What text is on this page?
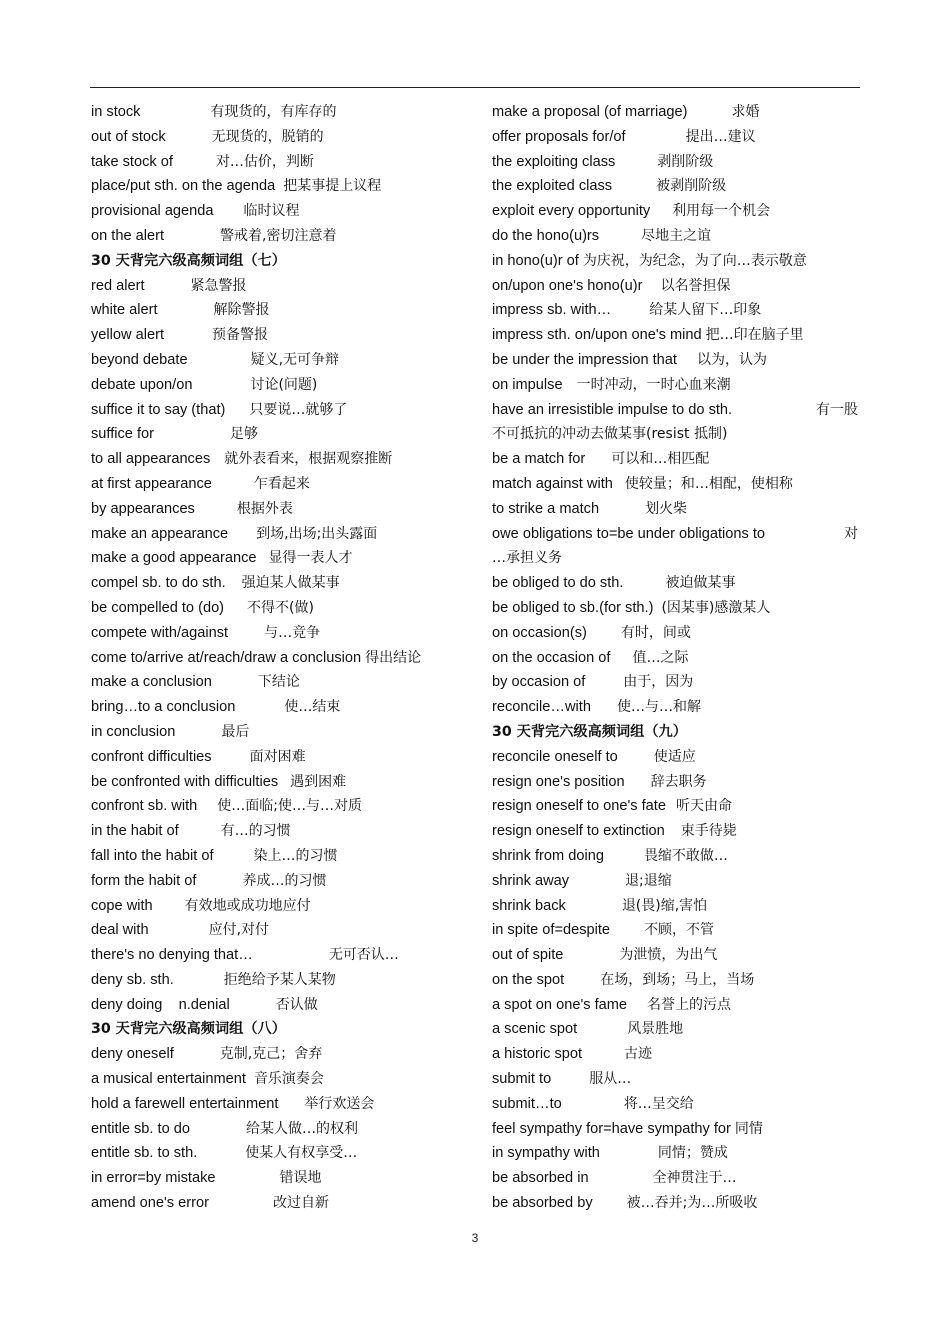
in stock	有现货的，有库存的
out of stock	无现货的，脱销的
take stock of	对…估价，判断
place/put sth. on the agenda 把某事提上议程
provisional agenda 临时议程
on the alert	警戒着,密切注意着
30 天背完六级高频词组（七）
red alert	紧急警报
white alert	解除警报
yellow alert	预备警报
beyond debate	疑义,无可争辩
debate upon/on	讨论(问题)
suffice it to say (that) 只要说…就够了
suffice for	足够
to all appearances 就外表看来，根据观察推断
at first appearance	乍看起来
by appearances	根据外表
make an appearance 到场,出场;出头露面
make a good appearance 显得一表人才
compel sb. to do sth. 强迫某人做某事
be compelled to (do) 不得不(做)
compete with/against	与…竞争
come to/arrive at/reach/draw a conclusion 得出结论
make a conclusion	下结论
bring…to a conclusion	使…结束
in conclusion	最后
confront difficulties	面对困难
be confronted with difficulties 遇到困难
confront sb. with 使…面临;使…与…对质
in the habit of	有…的习惯
fall into the habit of	染上…的习惯
form the habit of	养成…的习惯
cope with 有效地或成功地应付
deal with	应付,对付
there's no denying that…	无可否认…
deny sb. sth.	拒绝给予某人某物
deny doing    n.denial	否认做
30 天背完六级高频词组（八）
deny oneself	克制,克己；舍弃
a musical entertainment 音乐演奏会
hold a farewell entertainment 举行欢送会
entitle sb. to do	给某人做…的权利
entitle sb. to sth.	使某人有权享受…
in error=by mistake	错误地
amend one's error	改过自新
make a proposal (of marriage)	求婚
offer proposals for/of	提出…建议
the exploiting class	剥削阶级
the exploited class	被剥削阶级
exploit every opportunity 利用每一个机会
do the hono(u)rs	尽地主之谊
in hono(u)r of 为庆祝，为纪念，为了向…表示敬意
on/upon one's hono(u)r 以名誉担保
impress sb. with…	给某人留下…印象
impress sth. on/upon one's mind 把…印在脑子里
be under the impression that 以为，认为
on impulse 一时冲动，一时心血来潮
have an irresistible impulse to do sth.	有一股
不可抵抗的冲动去做某事(resist 抵制)
be a match for 可以和…相匹配
match against with 使较量；和…相配，使相称
to strike a match	划火柴
owe obligations to=be under obligations to	对
…承担义务
be obliged to do sth.	被迫做某事
be obliged to sb.(for sth.) (因某事)感激某人
on occasion(s) 有时，间或
on the occasion of 值…之际
by occasion of	由于，因为
reconcile…with 使…与…和解
30 天背完六级高频词组（九）
reconcile oneself to	使适应
resign one's position 辞去职务
resign oneself to one's fate 听天由命
resign oneself to extinction 束手待毙
shrink from doing	畏缩不敢做…
shrink away	退;退缩
shrink back	退(畏)缩,害怕
in spite of=despite 不顾，不管
out of spite	为泄愤，为出气
on the spot	在场，到场；马上，当场
a spot on one's fame 名誉上的污点
a scenic spot	风景胜地
a historic spot	古迹
submit to	服从…
submit…to	将…呈交给
feel sympathy for=have sympathy for 同情
in sympathy with	同情；赞成
be absorbed in	全神贯注于…
be absorbed by 被…吞并;为…所吸收
3
